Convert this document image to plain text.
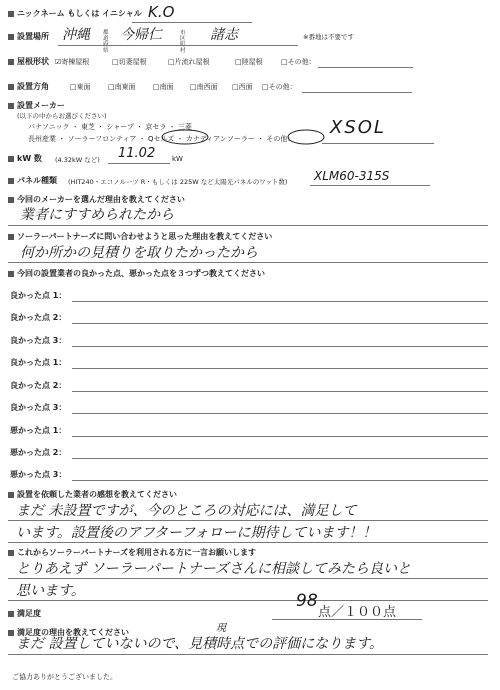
ニックネーム もしくは イニシャル K.O
設置場所 沖縄 都道府県
今帰仁	市区町村
諸志	※番地は不要です
屋根形状 ☑寄棟屋根	□切妻屋根	□片流れ屋根	□陸屋根	□その他：
設置方角	□東面 □南東面 □南面 □南西面 □西面 □その他：
設置メーカー
(以下の中からお選びください)
パナソニック ・ 東芝 ・ シャープ ・ 京セラ ・ 三菱
長州産業 ・ ソーラーフロンティア ・ Qセルズ ・ カナディアンソーラー ・ その他：
XSOL
kW 数 (4.32kW など) 11.02 kW
パネル種類 (HIT240・エコノルーツ R・もしくは 225W など太陽光パネルのワット数) XLM60-315S
今回のメーカーを選んだ理由を教えてください
業者にすすめられたから
ソーラーパートナーズに問い合わせようと思った理由を教えてください
何か所かの見積りを取りたかったから
今回の設置業者の良かった点、悪かった点を３つずつ教えてください
良かった点 1：
良かった点 2：
良かった点 3：
良かった点 1：
良かった点 2：
良かった点 3：
悪かった点 1：
悪かった点 2：
悪かった点 3：
設置を依頼した業者の感想を教えてください
まだ 未設置ですが、今のところの対応には、満足して
います。設置後のアフターフォローに期待しています！！
これからソーラーパートナーズを利用される方に一言お願いします
とりあえず ソーラーパートナーズさんに相談してみたら良いと
思います。
満足度
98
点／１００点
満足度の理由を教えてください	現
まだ 設置していないので、見積時点での評価になります。
ご協力ありがとうございました。
